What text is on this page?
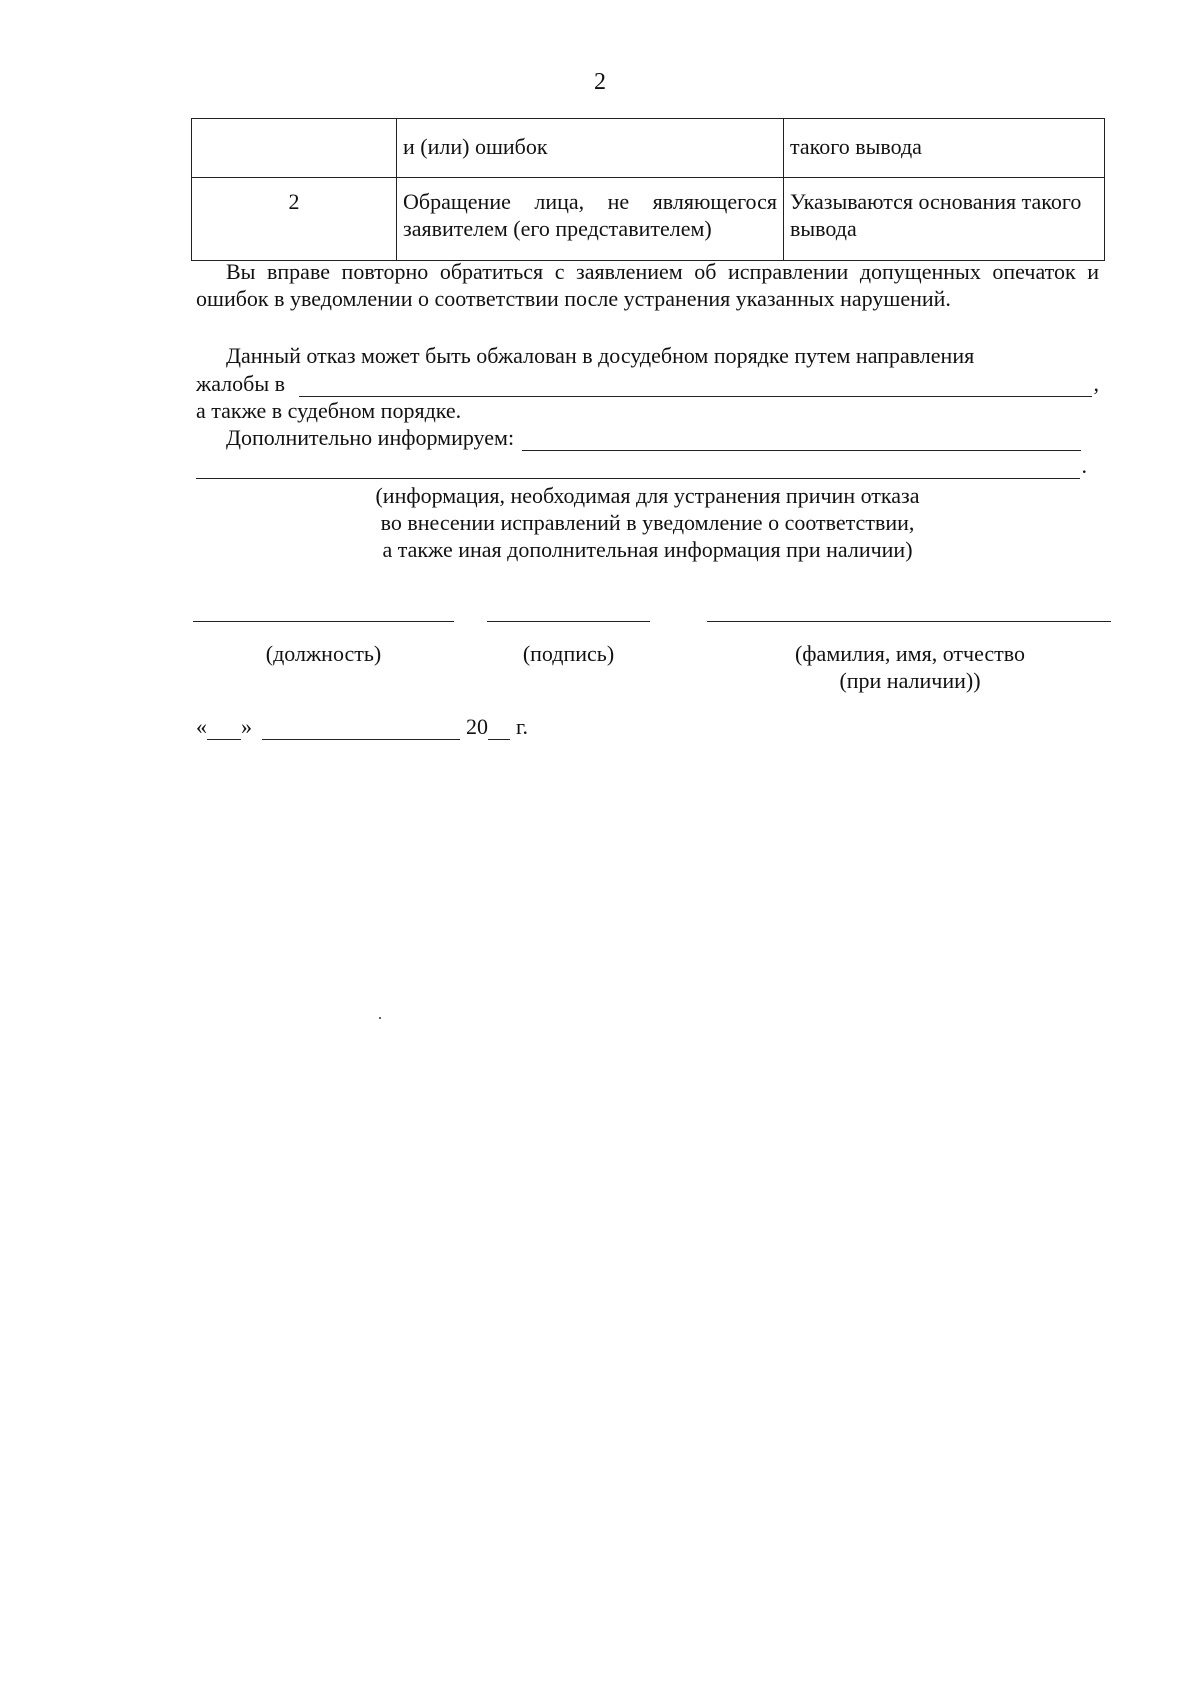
2
	и (или) ошибок	такого вывода
2	Обращение лица, не являющегося заявителем (его представителем)	Указываются основания такого вывода
Вы вправе повторно обратиться с заявлением об исправлении допущенных опечаток и ошибок в уведомлении о соответствии после устранения указанных нарушений.
Данный отказ может быть обжалован в досудебном порядке путем направления
жалобы в	,
а также в судебном порядке.
Дополнительно информируем:
.
(информация, необходимая для устранения причин отказа
во внесении исправлений в уведомление о соответствии,
а также иная дополнительная информация при наличии)
(должность)	(подпись)	(фамилия, имя, отчество
(при наличии))
« »	20 г.
